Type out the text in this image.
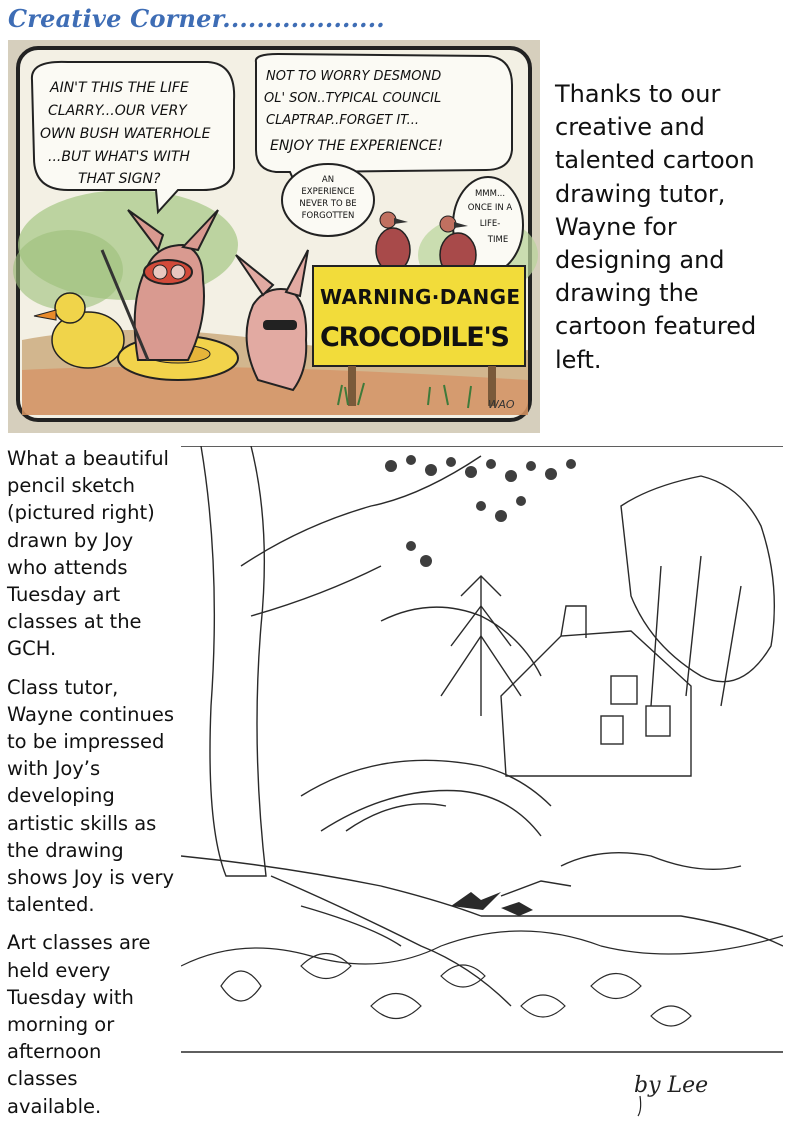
Creative Corner...................
AIN'T THIS THE LIFE
CLARRY...OUR VERY
OWN BUSH WATERHOLE
...BUT WHAT'S WITH
THAT SIGN?
NOT TO WORRY DESMOND
OL' SON..TYPICAL COUNCIL
CLAPTRAP..FORGET IT...
ENJOY THE EXPERIENCE!
AN
EXPERIENCE
NEVER TO BE
FORGOTTEN
MMM...
ONCE IN A
LIFE-
TIME
WARNING·DANGE
CROCODILE'S
WAO
Thanks to our creative and talented cartoon drawing tutor, Wayne for designing and drawing the cartoon featured left.

What a beautiful pencil sketch (pictured right) drawn by Joy who attends Tuesday art classes at the GCH.

Class tutor, Wayne continues to be impressed with Joy’s developing artistic skills as the drawing shows Joy is very talented.

Art classes are held every Tuesday with morning or afternoon classes available.

by Lee
